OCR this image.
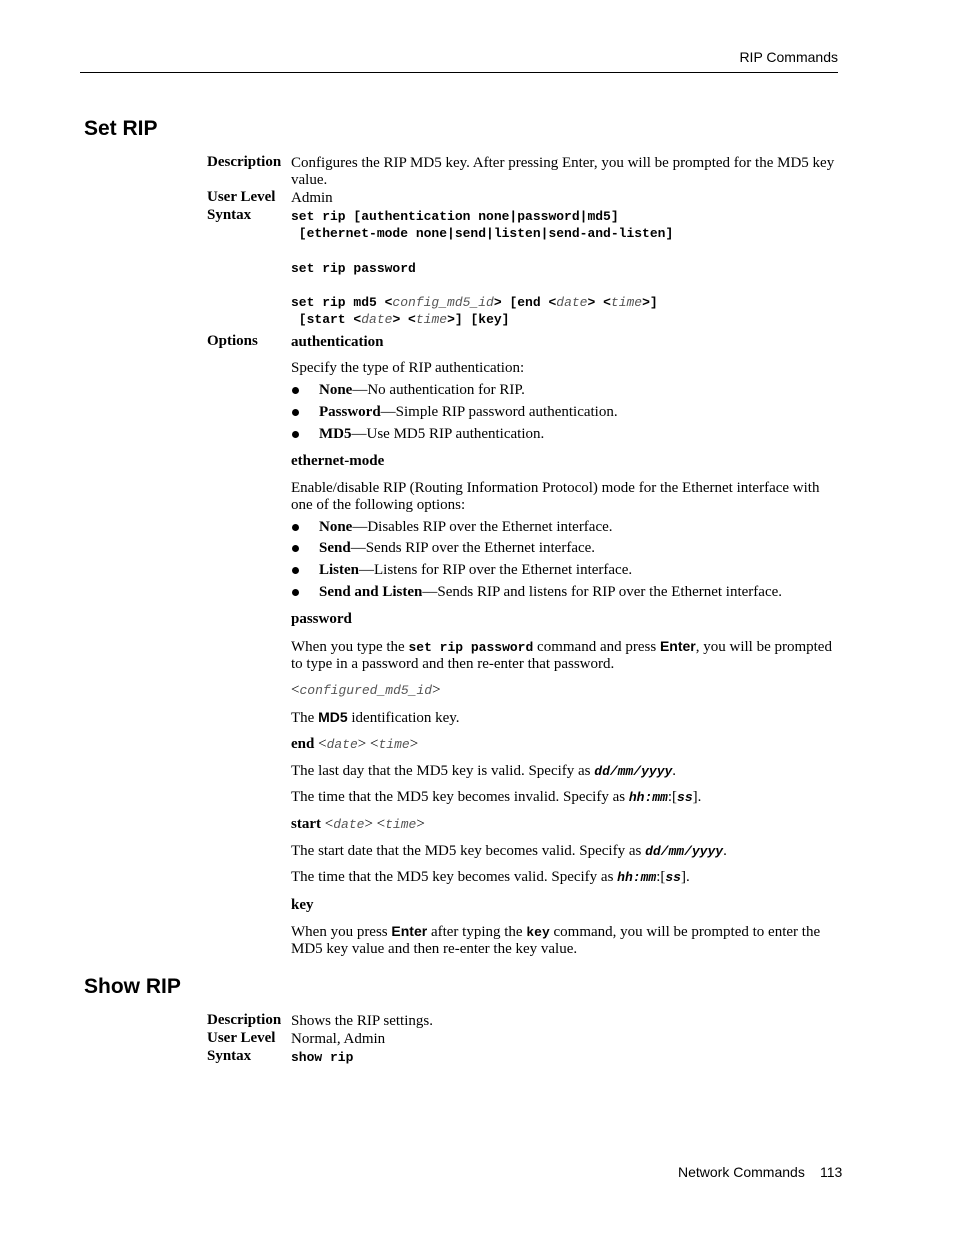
RIP Commands
Set RIP
Description Configures the RIP MD5 key. After pressing Enter, you will be prompted for the MD5 key value.
User Level Admin
Syntax	set rip [authentication none|password|md5]
[ethernet-mode none|send|listen|send-and-listen]
set rip password
set rip md5 <config_md5_id> [end <date> <time>]
[start <date> <time>] [key]
Options authentication
Specify the type of RIP authentication:
None—No authentication for RIP.
Password—Simple RIP password authentication.
MD5—Use MD5 RIP authentication.
ethernet-mode
Enable/disable RIP (Routing Information Protocol) mode for the Ethernet interface with one of the following options:
None—Disables RIP over the Ethernet interface.
Send—Sends RIP over the Ethernet interface.
Listen—Listens for RIP over the Ethernet interface.
Send and Listen—Sends RIP and listens for RIP over the Ethernet interface.
password
When you type the set rip password command and press Enter, you will be prompted to type in a password and then re-enter that password.
<configured_md5_id>
The MD5 identification key.
end <date> <time>
The last day that the MD5 key is valid. Specify as dd/mm/yyyy.
The time that the MD5 key becomes invalid. Specify as hh:mm:[ss].
start <date> <time>
The start date that the MD5 key becomes valid. Specify as dd/mm/yyyy.
The time that the MD5 key becomes valid. Specify as hh:mm:[ss].
key
When you press Enter after typing the key command, you will be prompted to enter the MD5 key value and then re-enter the key value.
Show RIP
Description Shows the RIP settings.
User Level Normal, Admin
Syntax	show rip
Network Commands 113
